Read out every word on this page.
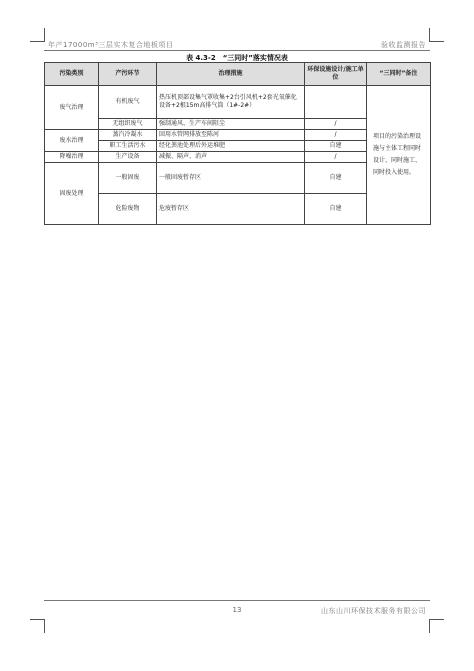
年产17000m³三层实木复合地板项目	验收监测报告
表 4.3-2　“三同时”落实情况表
污染类别	产污环节	治理措施	环保设施设计/施工单位	“三同时”备注
废气治理	有机废气	热压机顶部设集气罩收集+2台引风机+2套光氧催化设备+2根15m高排气筒（1#-2#）		项目的污染治理设施与主体工程同时设计、同时施工、同时投入使用。
	无组织废气	强制通风、生产车间阻尘	/	
废水治理	蒸汽冷凝水	回用水管网排放至陈河	/	
	职工生活污水	经化粪池处理后外运堆肥	自建	
降噪治理	生产设备	减振、隔声、消声	/	
固废处理	一般固废	一般固废暂存区	自建	
	危险废物	危废暂存区	自建	
13	山东山川环保技术服务有限公司
